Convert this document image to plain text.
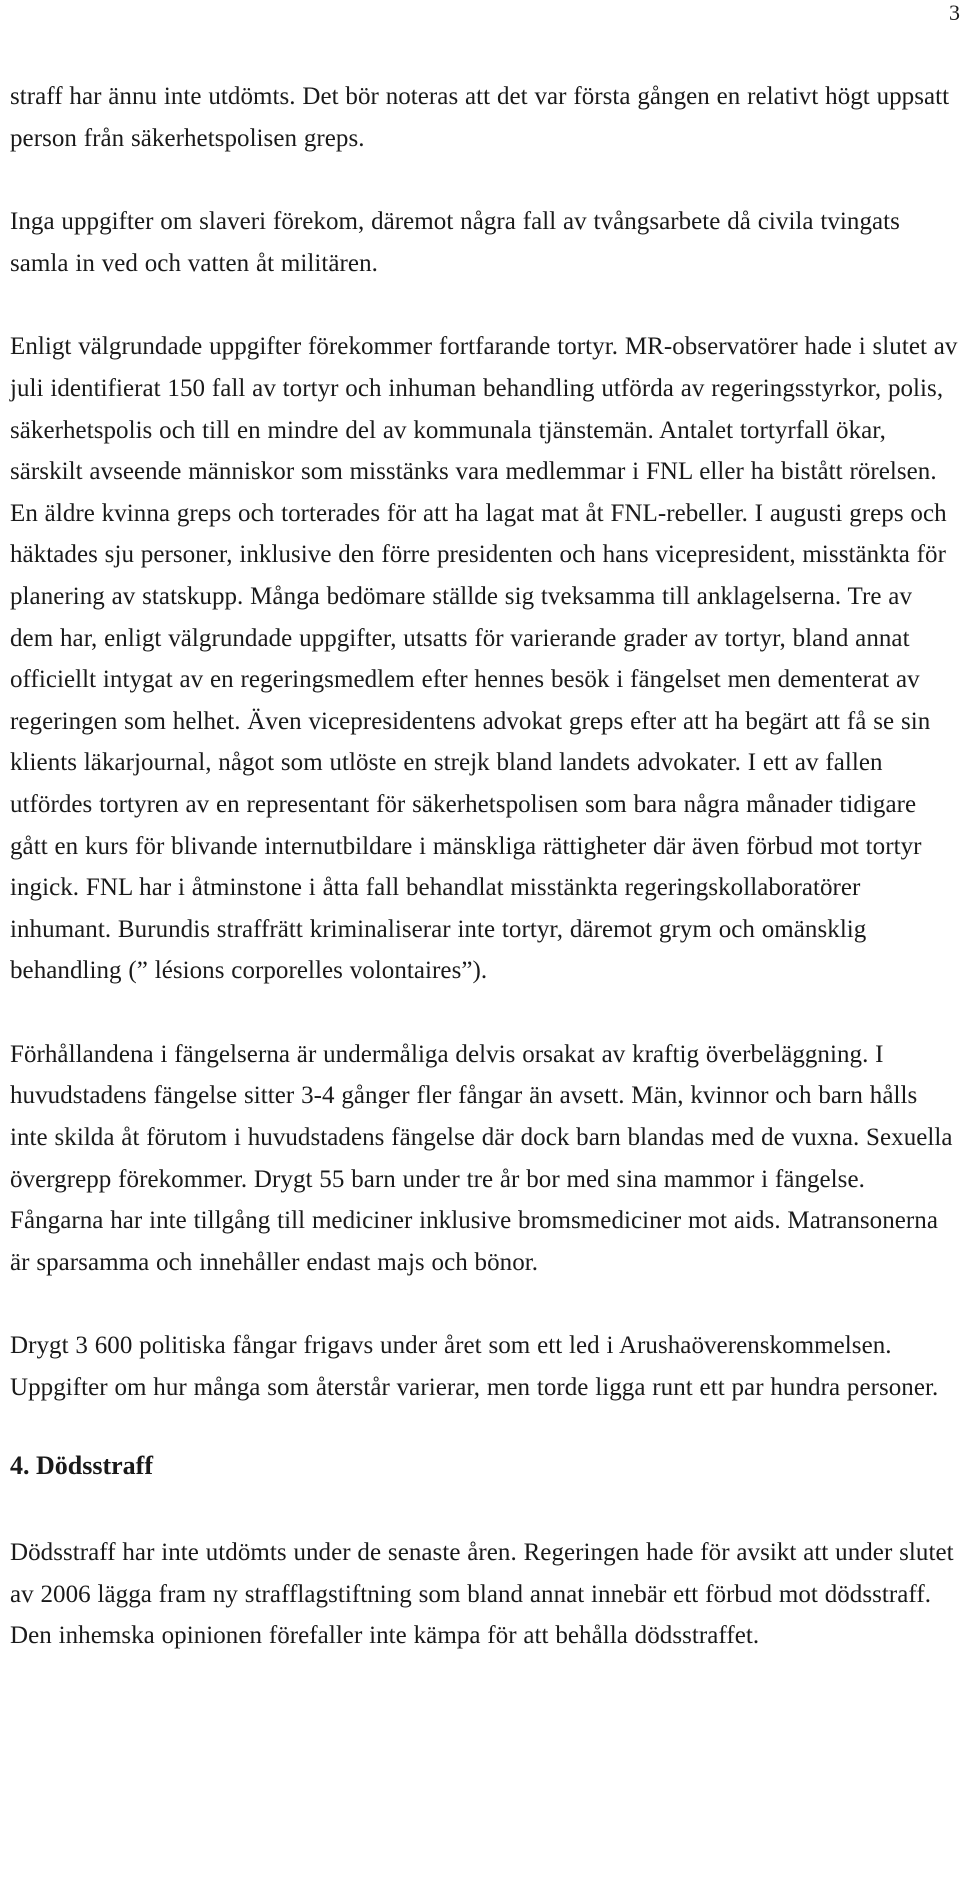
3

straff har ännu inte utdömts. Det bör noteras att det var första gången en relativt högt uppsatt person från säkerhetspolisen greps.

Inga uppgifter om slaveri förekom, däremot några fall av tvångsarbete då civila tvingats samla in ved och vatten åt militären.

Enligt välgrundade uppgifter förekommer fortfarande tortyr. MR-observatörer hade i slutet av juli identifierat 150 fall av tortyr och inhuman behandling utförda av regeringsstyrkor, polis, säkerhetspolis och till en mindre del av kommunala tjänstemän. Antalet tortyrfall ökar, särskilt avseende människor som misstänks vara medlemmar i FNL eller ha bistått rörelsen. En äldre kvinna greps och torterades för att ha lagat mat åt FNL-rebeller. I augusti greps och häktades sju personer, inklusive den förre presidenten och hans vicepresident, misstänkta för planering av statskupp. Många bedömare ställde sig tveksamma till anklagelserna. Tre av dem har, enligt välgrundade uppgifter, utsatts för varierande grader av tortyr, bland annat officiellt intygat av en regeringsmedlem efter hennes besök i fängelset men dementerat av regeringen som helhet. Även vicepresidentens advokat greps efter att ha begärt att få se sin klients läkarjournal, något som utlöste en strejk bland landets advokater. I ett av fallen utfördes tortyren av en representant för säkerhetspolisen som bara några månader tidigare gått en kurs för blivande internutbildare i mänskliga rättigheter där även förbud mot tortyr ingick. FNL har i åtminstone i åtta fall behandlat misstänkta regeringskollaboratörer inhumant. Burundis straffrätt kriminaliserar inte tortyr, däremot grym och omänsklig behandling (” lésions corporelles volontaires”).

Förhållandena i fängelserna är undermåliga delvis orsakat av kraftig överbeläggning. I huvudstadens fängelse sitter 3-4 gånger fler fångar än avsett. Män, kvinnor och barn hålls inte skilda åt förutom i huvudstadens fängelse där dock barn blandas med de vuxna. Sexuella övergrepp förekommer. Drygt 55 barn under tre år bor med sina mammor i fängelse. Fångarna har inte tillgång till mediciner inklusive bromsmediciner mot aids. Matransonerna är sparsamma och innehåller endast majs och bönor.

Drygt 3 600 politiska fångar frigavs under året som ett led i Arushaöverenskommelsen. Uppgifter om hur många som återstår varierar, men torde ligga runt ett par hundra personer.

4. Dödsstraff

Dödsstraff har inte utdömts under de senaste åren. Regeringen hade för avsikt att under slutet av 2006 lägga fram ny strafflagstiftning som bland annat innebär ett förbud mot dödsstraff. Den inhemska opinionen förefaller inte kämpa för att behålla dödsstraffet.
